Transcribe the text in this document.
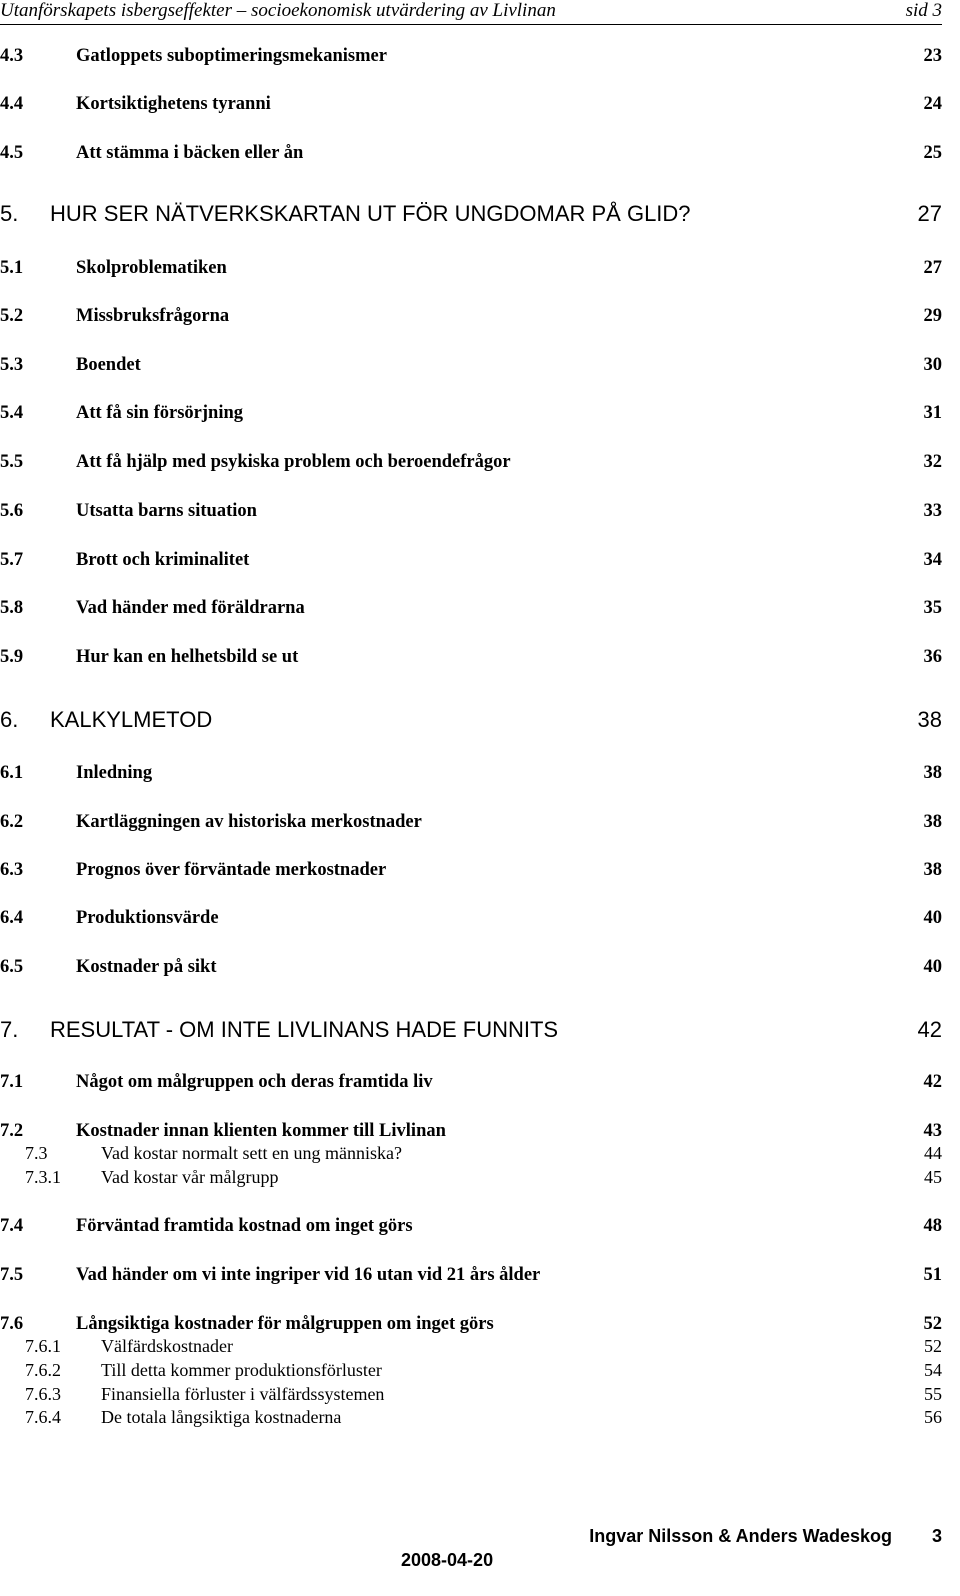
Utanförskapets isbergseffekter – socioekonomisk utvärdering av Livlinan	sid 3
4.3	Gatloppets suboptimeringsmekanismer	23
4.4	Kortsiktighetens tyranni	24
4.5	Att stämma i bäcken eller ån	25
5. HUR SER NÄTVERKSKARTAN UT FÖR UNGDOMAR PÅ GLID?	27
5.1	Skolproblematiken	27
5.2	Missbruksfrågorna	29
5.3	Boendet	30
5.4	Att få sin försörjning	31
5.5	Att få hjälp med psykiska problem och beroendefrågor	32
5.6	Utsatta barns situation	33
5.7	Brott och kriminalitet	34
5.8	Vad händer med föräldrarna	35
5.9	Hur kan en helhetsbild se ut	36
6. KALKYLMETOD	38
6.1	Inledning	38
6.2	Kartläggningen av historiska merkostnader	38
6.3	Prognos över förväntade merkostnader	38
6.4	Produktionsvärde	40
6.5	Kostnader på sikt	40
7. RESULTAT - OM INTE LIVLINANS HADE FUNNITS	42
7.1	Något om målgruppen och deras framtida liv	42
7.2	Kostnader innan klienten kommer till Livlinan	43
7.3	Vad kostar normalt sett en ung människa?	44
7.3.1 Vad kostar vår målgrupp	45
7.4	Förväntad framtida kostnad om inget görs	48
7.5	Vad händer om vi inte ingriper vid 16 utan vid 21 års ålder	51
7.6	Långsiktiga kostnader för målgruppen om inget görs	52
7.6.1 Välfärdskostnader	52
7.6.2 Till detta kommer produktionsförluster	54
7.6.3 Finansiella förluster i välfärdssystemen	55
7.6.4 De totala långsiktiga kostnaderna	56
Ingvar Nilsson & Anders Wadeskog 3
2008-04-20
